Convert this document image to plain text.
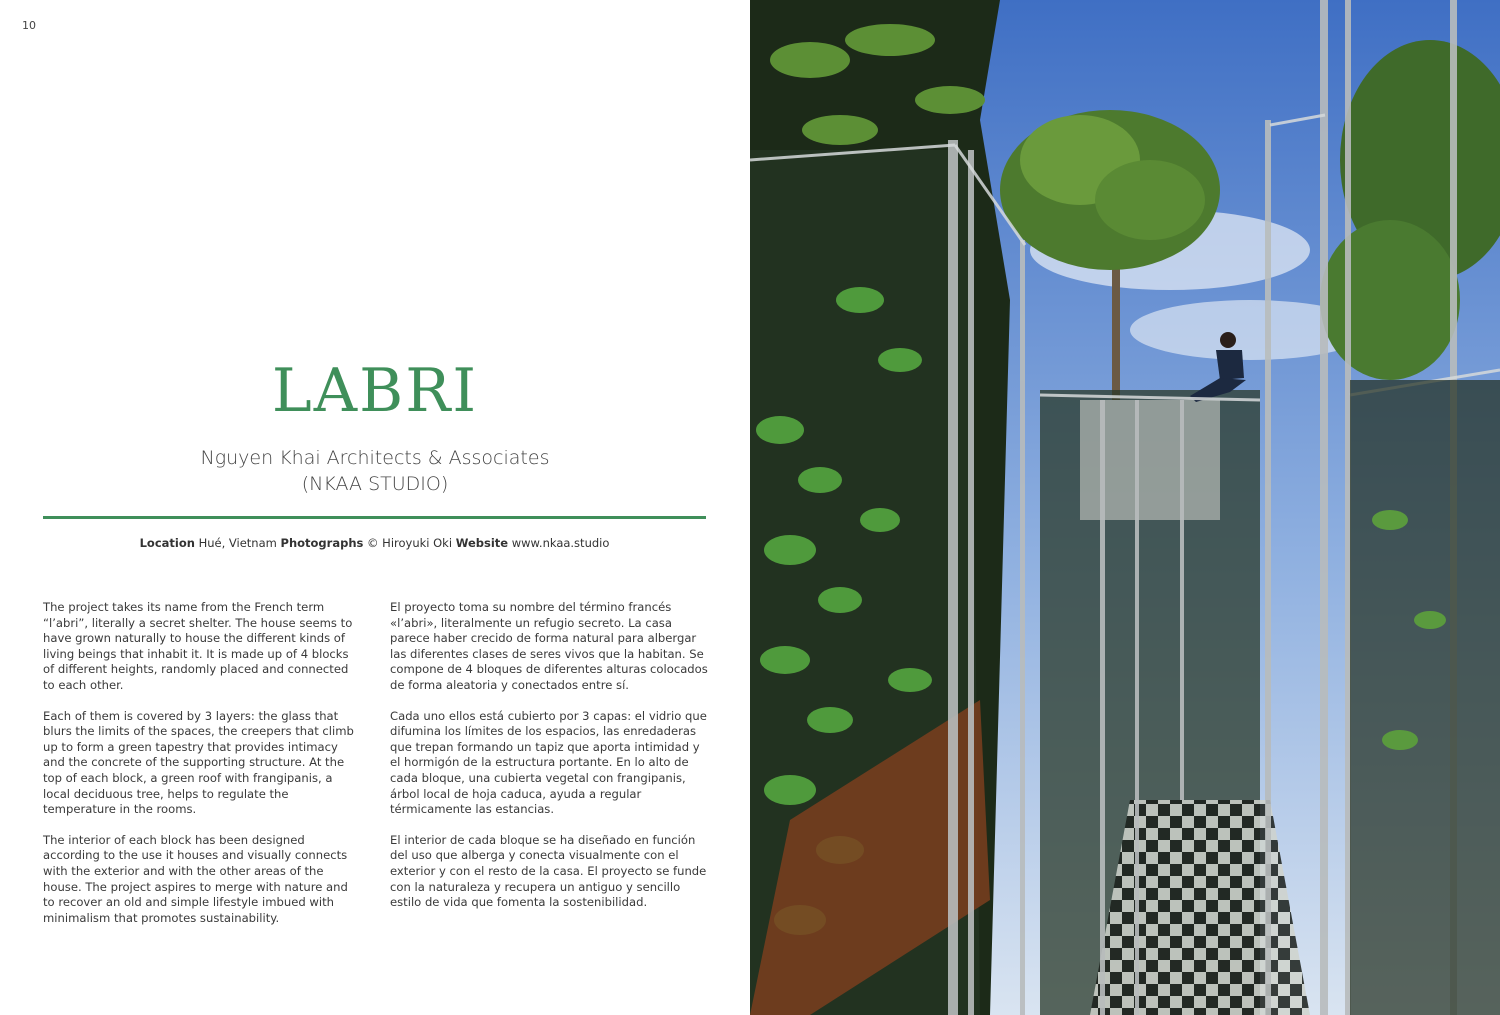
10
LABRI
Nguyen Khai Architects & Associates
(NKAA STUDIO)
Location Hué, Vietnam Photographs © Hiroyuki Oki Website www.nkaa.studio

The project takes its name from the French term “l’abri”, literally a secret shelter. The house seems to have grown naturally to house the different kinds of living beings that inhabit it. It is made up of 4 blocks of different heights, randomly placed and connected to each other.

Each of them is covered by 3 layers: the glass that blurs the limits of the spaces, the creepers that climb up to form a green tapestry that provides intimacy and the concrete of the supporting structure. At the top of each block, a green roof with frangipanis, a local deciduous tree, helps to regulate the temperature in the rooms.

The interior of each block has been designed according to the use it houses and visually connects with the exterior and with the other areas of the house. The project aspires to merge with nature and to recover an old and simple lifestyle imbued with minimalism that promotes sustainability.

El proyecto toma su nombre del término francés «l’abri», literalmente un refugio secreto. La casa parece haber crecido de forma natural para albergar las diferentes clases de seres vivos que la habitan. Se compone de 4 bloques de diferentes alturas colocados de forma aleatoria y conectados entre sí.

Cada uno ellos está cubierto por 3 capas: el vidrio que difumina los límites de los espacios, las enredaderas que trepan formando un tapiz que aporta intimidad y el hormigón de la estructura portante. En lo alto de cada bloque, una cubierta vegetal con frangipanis, árbol local de hoja caduca, ayuda a regular térmicamente las estancias.

El interior de cada bloque se ha diseñado en función del uso que alberga y conecta visualmente con el exterior y con el resto de la casa. El proyecto se funde con la naturaleza y recupera un antiguo y sencillo estilo de vida que fomenta la sostenibilidad.
